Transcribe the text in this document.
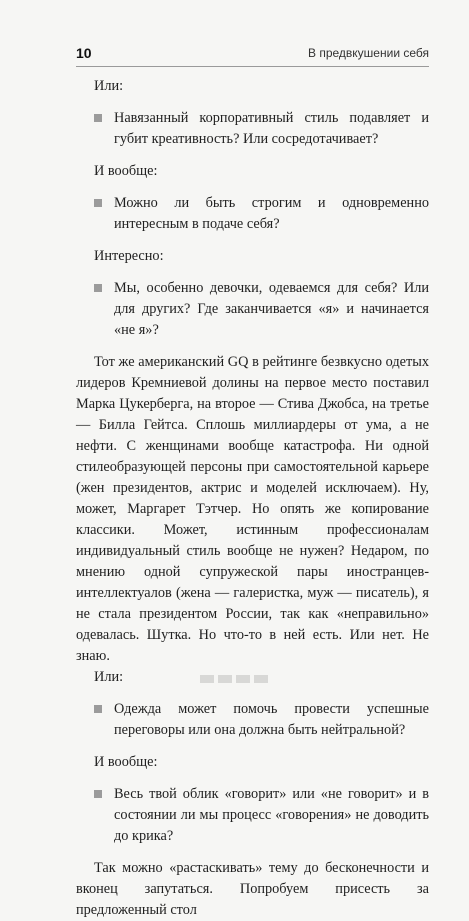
10	В предвкушении себя

Или:

Навязанный корпоративный стиль подавляет и губит креативность? Или сосредотачивает?

И вообще:

Можно ли быть строгим и одновременно интересным в подаче себя?

Интересно:

Мы, особенно девочки, одеваемся для себя? Или для других? Где заканчивается «я» и начинается «не я»?

Тот же американский GQ в рейтинге безвкусно одетых лидеров Кремниевой долины на первое место поставил Марка Цукерберга, на второе — Стива Джобса, на третье — Билла Гейтса. Сплошь миллиардеры от ума, а не нефти. С женщинами вообще катастрофа. Ни одной стилеобразующей персоны при самостоятельной карьере (жен президентов, актрис и моделей исключаем). Ну, может, Маргарет Тэтчер. Но опять же копирование классики. Может, истинным профессионалам индивидуальный стиль вообще не нужен? Недаром, по мнению одной супружеской пары иностранцев-интеллектуалов (жена — галеристка, муж — писатель), я не стала президентом России, так как «неправильно» одевалась. Шутка. Но что-то в ней есть. Или нет. Не знаю.

Или:

Одежда может помочь провести успешные переговоры или она должна быть нейтральной?

И вообще:

Весь твой облик «говорит» или «не говорит» и в состоянии ли мы процесс «говорения» не доводить до крика?

Так можно «растаскивать» тему до бесконечности и вконец запутаться. Попробуем присесть за предложенный стол
